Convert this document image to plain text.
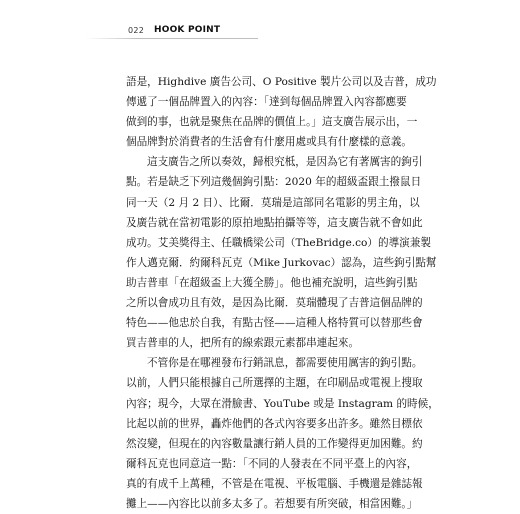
022 HOOK POINT
語是，Highdive 廣告公司、O Positive 製片公司以及吉普，成功
傳遞了一個品牌置入的內容：「達到每個品牌置入內容都應要
做到的事，也就是聚焦在品牌的價值上。」這支廣告展示出，一
個品牌對於消費者的生活會有什麼用處或具有什麼樣的意義。
這支廣告之所以奏效，歸根究柢，是因為它有著厲害的鉤引
點。若是缺乏下列這幾個鉤引點：2020 年的超級盃跟土撥鼠日
同一天（2 月 2 日）、比爾．莫瑞是這部同名電影的男主角，以
及廣告就在當初電影的原拍地點拍攝等等，這支廣告就不會如此
成功。艾美獎得主、任職橋梁公司（TheBridge.co）的導演兼製
作人邁克爾．約爾科瓦克（Mike Jurkovac）認為，這些鉤引點幫
助吉普車「在超級盃上大獲全勝」。他也補充說明，這些鉤引點
之所以會成功且有效，是因為比爾．莫瑞體現了吉普這個品牌的
特色——他忠於自我，有點古怪——這種人格特質可以替那些會
買吉普車的人，把所有的線索跟元素都串連起來。
不管你是在哪裡發布行銷訊息，都需要使用厲害的鉤引點。
以前，人們只能根據自己所選擇的主題，在印刷品或電視上搜取
內容；現今，大眾在滑臉書、YouTube 或是 Instagram 的時候，
比起以前的世界，轟炸他們的各式內容要多出許多。雖然目標依
然沒變，但現在的內容數量讓行銷人員的工作變得更加困難。約
爾科瓦克也同意這一點：「不同的人發表在不同平臺上的內容，
真的有成千上萬種，不管是在電視、平板電腦、手機還是雜誌報
攤上——內容比以前多太多了。若想要有所突破，相當困難。」
